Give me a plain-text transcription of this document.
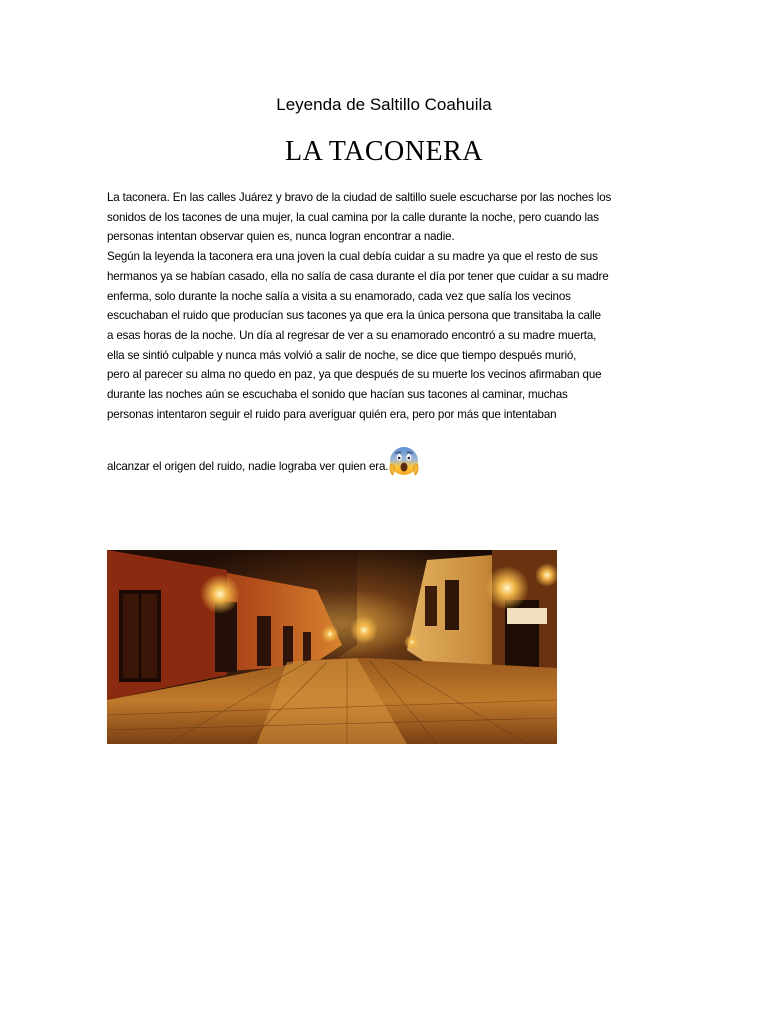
Leyenda de Saltillo Coahuila
LA TACONERA
La taconera. En las calles Juárez y bravo de la ciudad de saltillo suele escucharse por las noches los
sonidos de los tacones de una mujer, la cual camina por la calle durante la noche, pero cuando las
personas intentan observar quien es, nunca logran encontrar a nadie.
Según la leyenda la taconera era una joven la cual debía cuidar a su madre ya que el resto de sus
hermanos ya se habían casado, ella no salía de casa durante el día por tener que cuidar a su madre
enferma, solo durante la noche salía a visita a su enamorado, cada vez que salía los vecinos
escuchaban el ruido que producían sus tacones ya que era la única persona que transitaba la calle
a esas horas de la noche. Un día al regresar de ver a su enamorado encontró a su madre muerta,
ella se sintió culpable y nunca más volvió a salir de noche, se dice que tiempo después murió,
pero al parecer su alma no quedo en paz, ya que después de su muerte los vecinos afirmaban que
durante las noches aún se escuchaba el sonido que hacían sus tacones al caminar, muchas
personas intentaron seguir el ruido para averiguar quién era, pero por más que intentaban
alcanzar el origen del ruido, nadie lograba ver quien era.
